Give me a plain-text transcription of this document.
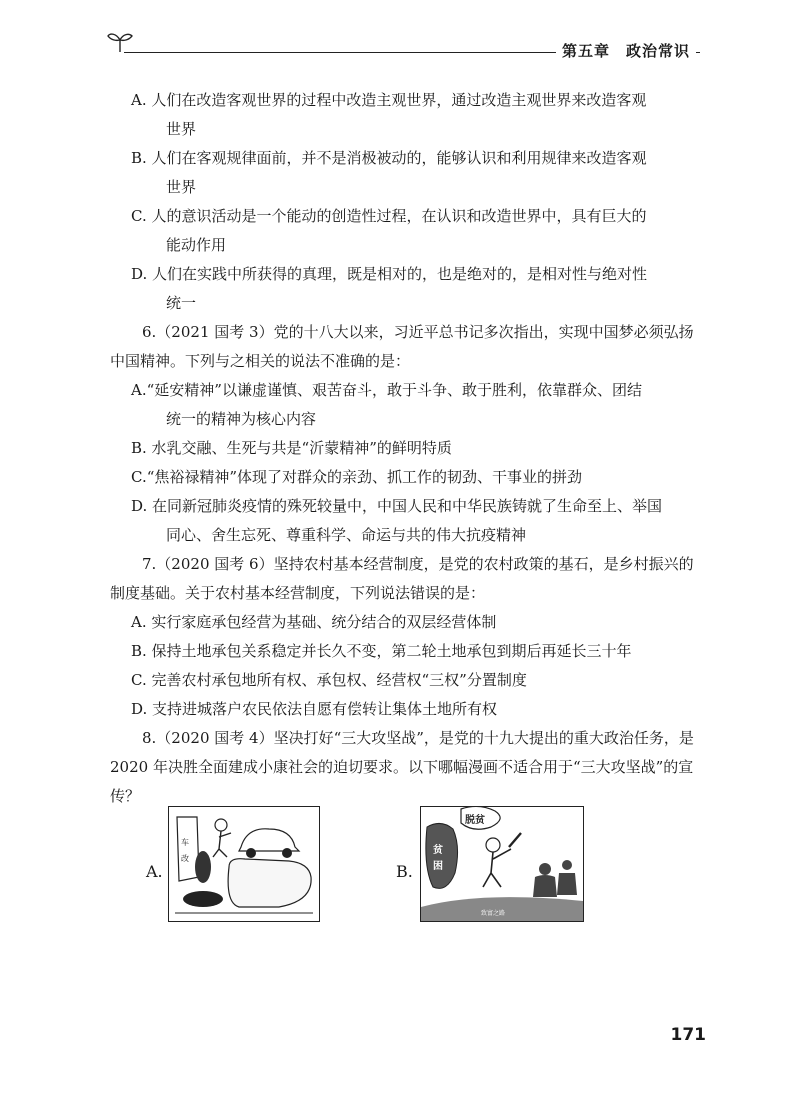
第五章　政治常识

A. 人们在改造客观世界的过程中改造主观世界，通过改造主观世界来改造客观
世界

B. 人们在客观规律面前，并不是消极被动的，能够认识和利用规律来改造客观
世界

C. 人的意识活动是一个能动的创造性过程，在认识和改造世界中，具有巨大的
能动作用

D. 人们在实践中所获得的真理，既是相对的，也是绝对的，是相对性与绝对性
统一

6.（2021 国考 3）党的十八大以来，习近平总书记多次指出，实现中国梦必须弘扬中国精神。下列与之相关的说法不准确的是：

A.“延安精神”以谦虚谨慎、艰苦奋斗，敢于斗争、敢于胜利，依靠群众、团结
统一的精神为核心内容

B. 水乳交融、生死与共是“沂蒙精神”的鲜明特质

C.“焦裕禄精神”体现了对群众的亲劲、抓工作的韧劲、干事业的拼劲

D. 在同新冠肺炎疫情的殊死较量中，中国人民和中华民族铸就了生命至上、举国
同心、舍生忘死、尊重科学、命运与共的伟大抗疫精神

7.（2020 国考 6）坚持农村基本经营制度，是党的农村政策的基石，是乡村振兴的制度基础。关于农村基本经营制度，下列说法错误的是：

A. 实行家庭承包经营为基础、统分结合的双层经营体制

B. 保持土地承包关系稳定并长久不变，第二轮土地承包到期后再延长三十年

C. 完善农村承包地所有权、承包权、经营权“三权”分置制度

D. 支持进城落户农民依法自愿有偿转让集体土地所有权

8.（2020 国考 4）坚决打好“三大攻坚战”，是党的十九大提出的重大政治任务，是 2020 年决胜全面建成小康社会的迫切要求。以下哪幅漫画不适合用于“三大攻坚战”的宣传？

A.
车
改
B.
脱贫
贫
困
致富之路
171
